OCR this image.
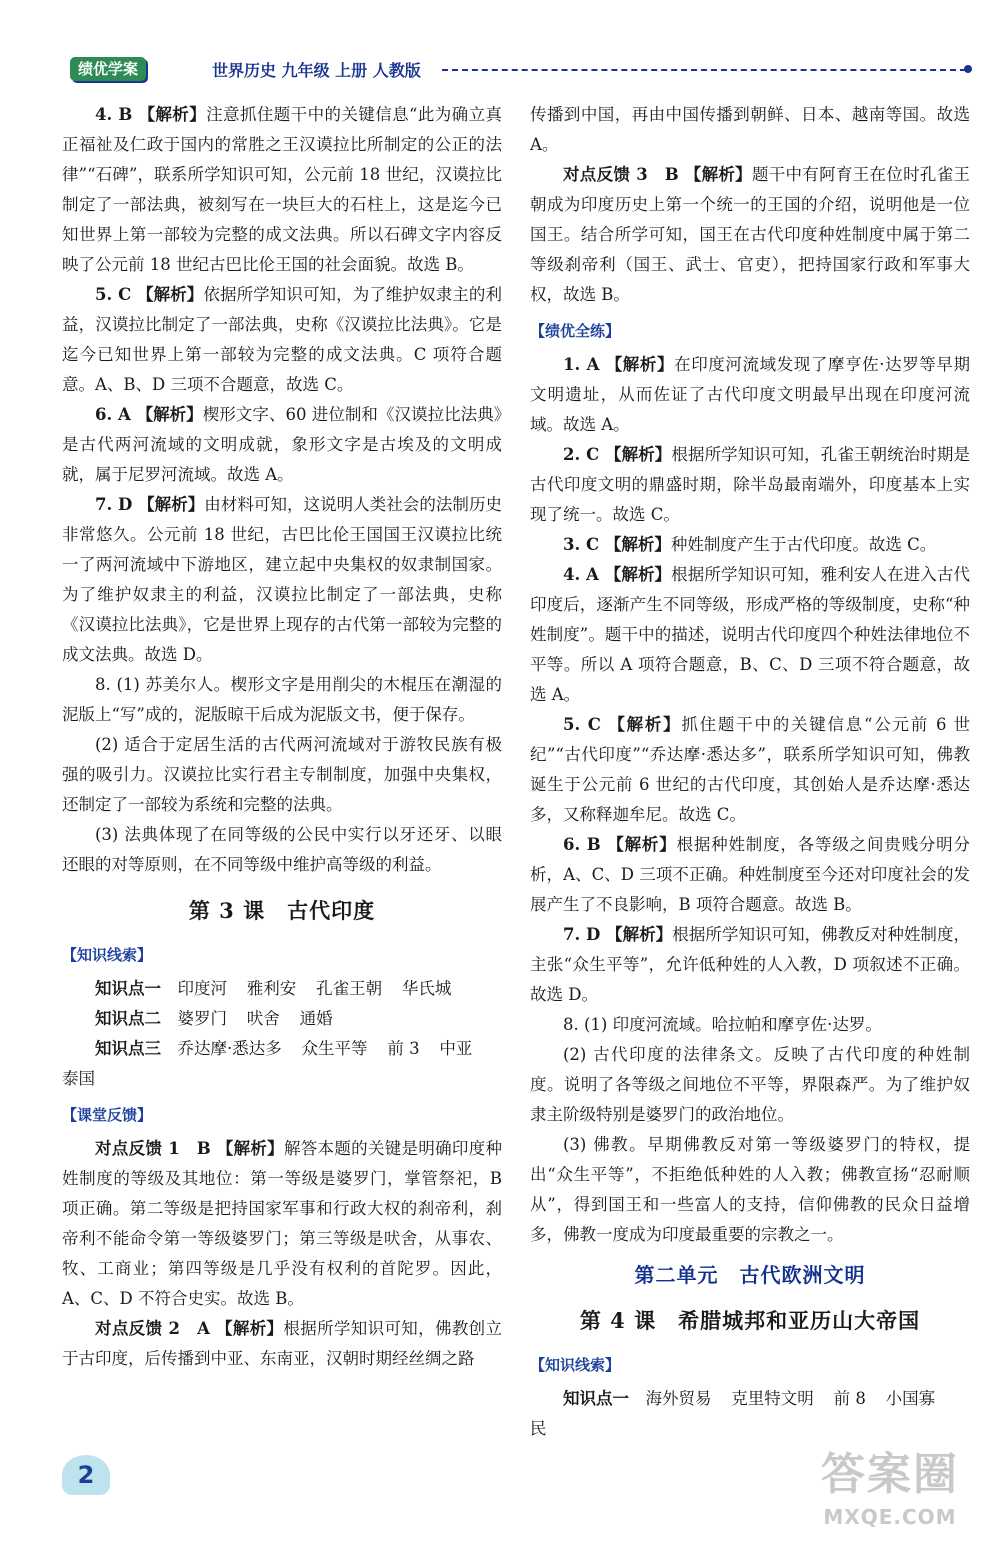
绩优学案	世界历史 九年级 上册 人教版

4. B 【解析】注意抓住题干中的关键信息“此为确立真正福祉及仁政于国内的常胜之王汉谟拉比所制定的公正的法律”“石碑”，联系所学知识可知，公元前 18 世纪，汉谟拉比制定了一部法典，被刻写在一块巨大的石柱上，这是迄今已知世界上第一部较为完整的成文法典。所以石碑文字内容反映了公元前 18 世纪古巴比伦王国的社会面貌。故选 B。

5. C 【解析】依据所学知识可知，为了维护奴隶主的利益，汉谟拉比制定了一部法典，史称《汉谟拉比法典》。它是迄今已知世界上第一部较为完整的成文法典。C 项符合题意。A、B、D 三项不合题意，故选 C。

6. A 【解析】楔形文字、60 进位制和《汉谟拉比法典》是古代两河流域的文明成就，象形文字是古埃及的文明成就，属于尼罗河流域。故选 A。

7. D 【解析】由材料可知，这说明人类社会的法制历史非常悠久。公元前 18 世纪，古巴比伦王国国王汉谟拉比统一了两河流域中下游地区，建立起中央集权的奴隶制国家。为了维护奴隶主的利益，汉谟拉比制定了一部法典，史称《汉谟拉比法典》，它是世界上现存的古代第一部较为完整的成文法典。故选 D。

8. (1) 苏美尔人。楔形文字是用削尖的木棍压在潮湿的泥版上“写”成的，泥版晾干后成为泥版文书，便于保存。

(2) 适合于定居生活的古代两河流域对于游牧民族有极强的吸引力。汉谟拉比实行君主专制制度，加强中央集权，还制定了一部较为系统和完整的法典。

(3) 法典体现了在同等级的公民中实行以牙还牙、以眼还眼的对等原则，在不同等级中维护高等级的利益。

第 3 课　古代印度
【知识线索】

知识点一 印度河 雅利安 孔雀王朝 华氏城

知识点二 婆罗门 吠舍 通婚

知识点三 乔达摩·悉达多 众生平等 前 3 中亚

泰国

【课堂反馈】

对点反馈 1　B 【解析】解答本题的关键是明确印度种姓制度的等级及其地位：第一等级是婆罗门，掌管祭祀，B 项正确。第二等级是把持国家军事和行政大权的刹帝利，刹帝利不能命令第一等级婆罗门；第三等级是吠舍，从事农、牧、工商业；第四等级是几乎没有权利的首陀罗。因此，A、C、D 不符合史实。故选 B。

对点反馈 2　A 【解析】根据所学知识可知，佛教创立于古印度，后传播到中亚、东南亚，汉朝时期经丝绸之路

传播到中国，再由中国传播到朝鲜、日本、越南等国。故选 A。

对点反馈 3　B 【解析】题干中有阿育王在位时孔雀王朝成为印度历史上第一个统一的王国的介绍，说明他是一位国王。结合所学可知，国王在古代印度种姓制度中属于第二等级刹帝利（国王、武士、官吏），把持国家行政和军事大权，故选 B。

【绩优全练】

1. A 【解析】在印度河流域发现了摩亨佐·达罗等早期文明遗址，从而佐证了古代印度文明最早出现在印度河流域。故选 A。

2. C 【解析】根据所学知识可知，孔雀王朝统治时期是古代印度文明的鼎盛时期，除半岛最南端外，印度基本上实现了统一。故选 C。

3. C 【解析】种姓制度产生于古代印度。故选 C。

4. A 【解析】根据所学知识可知，雅利安人在进入古代印度后，逐渐产生不同等级，形成严格的等级制度，史称“种姓制度”。题干中的描述，说明古代印度四个种姓法律地位不平等。所以 A 项符合题意，B、C、D 三项不符合题意，故选 A。

5. C 【解析】抓住题干中的关键信息“公元前 6 世纪”“古代印度”“乔达摩·悉达多”，联系所学知识可知，佛教诞生于公元前 6 世纪的古代印度，其创始人是乔达摩·悉达多，又称释迦牟尼。故选 C。

6. B 【解析】根据种姓制度，各等级之间贵贱分明分析，A、C、D 三项不正确。种姓制度至今还对印度社会的发展产生了不良影响，B 项符合题意。故选 B。

7. D 【解析】根据所学知识可知，佛教反对种姓制度，主张“众生平等”，允许低种姓的人入教，D 项叙述不正确。故选 D。

8. (1) 印度河流域。哈拉帕和摩亨佐·达罗。

(2) 古代印度的法律条文。反映了古代印度的种姓制度。说明了各等级之间地位不平等，界限森严。为了维护奴隶主阶级特别是婆罗门的政治地位。

(3) 佛教。早期佛教反对第一等级婆罗门的特权，提出“众生平等”，不拒绝低种姓的人入教；佛教宣扬“忍耐顺从”，得到国王和一些富人的支持，信仰佛教的民众日益增多，佛教一度成为印度最重要的宗教之一。

第二单元　古代欧洲文明
第 4 课　希腊城邦和亚历山大帝国
【知识线索】

知识点一 海外贸易 克里特文明 前 8 小国寡民

2	答案圈
MXQE.COM
